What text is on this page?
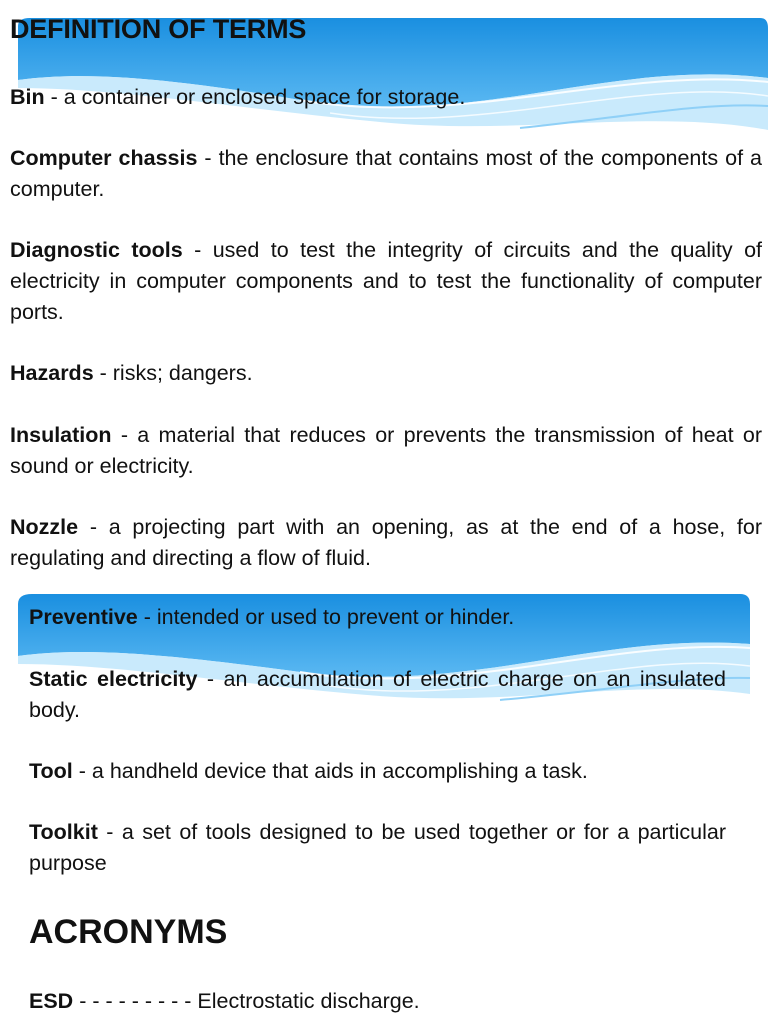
DEFINITION OF TERMS

Bin - a container or enclosed space for storage.

Computer chassis - the enclosure that contains most of the components of a computer.

Diagnostic tools - used to test the integrity of circuits and the quality of electricity in computer components and to test the functionality of computer ports.

Hazards - risks; dangers.

Insulation - a material that reduces or prevents the transmission of heat or sound or electricity.

Nozzle - a projecting part with an opening, as at the end of a hose, for regulating and directing a flow of fluid.

Preventive - intended or used to prevent or hinder.

Static electricity - an accumulation of electric charge on an insulated body.

Tool - a handheld device that aids in accomplishing a task.

Toolkit - a set of tools designed to be used together or for a particular purpose

ACRONYMS

ESD - - - - - - - - - Electrostatic discharge.
